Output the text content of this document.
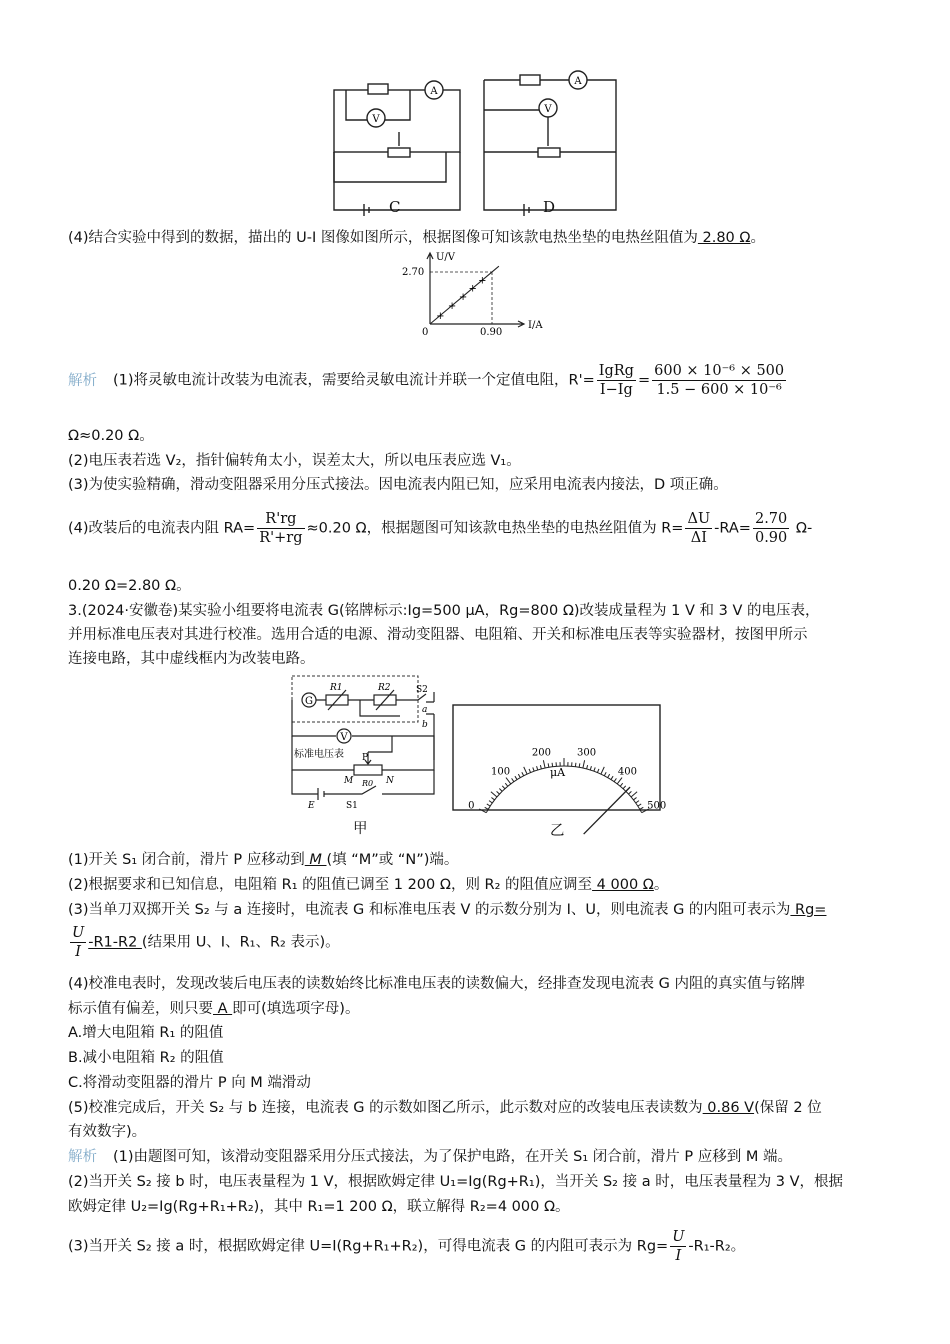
V
A
A
V
C	D
(4)结合实验中得到的数据，描出的 U-I 图像如图所示，根据图像可知该款电热坐垫的电热丝阻值为 2.80 Ω。
+
+
+
+
+
U/V
I/A
2.70
0.90
0
解析 (1)将灵敏电流计改装为电流表，需要给灵敏电流计并联一个定值电阻，$R'= \frac{\text{IgRg}}{I-Ig} = \frac{\text{600 × 10⁻⁶ × 500}}{\text{1.5 − 600 × 10⁻⁶}}$
Ω≈0.20 Ω。
(2)电压表若选 V₂，指针偏转角太小，误差太大，所以电压表应选 V₁。
(3)为使实验精确，滑动变阻器采用分压式接法。因电流表内阻已知，应采用电流表内接法，D 项正确。
(4)改装后的电流表内阻 $RA= \frac{R'rg}{R'+rg} \approx 0.20$ Ω，根据题图可知该款电热坐垫的电热丝阻值为 $R= \frac{\Delta U}{\Delta I} -RA= \frac{2.70}{0.90} \Omega-$
0.20 Ω=2.80 Ω。
3.(2024·安徽卷)某实验小组要将电流表 G(铭牌标示:Ig=500 μA，Rg=800 Ω)改装成量程为 1 V 和 3 V 的电压表，
并用标准电压表对其进行校准。选用合适的电源、滑动变阻器、电阻箱、开关和标准电压表等实验器材，按图甲所示
连接电路，其中虚线框内为改装电路。
G
V
R1	R2	S2
a
b
标准电压表 P
M	N
R0
E	S1
甲
0
100
200	300
400
500
μA
乙
(1)开关 S₁ 闭合前，滑片 P 应移动到 M (填 “M”或 “N”)端。
(2)根据要求和已知信息，电阻箱 R₁ 的阻值已调至 1 200 Ω，则 R₂ 的阻值应调至 4 000 Ω。
(3)当单刀双掷开关 S₂ 与 a 连接时，电流表 G 和标准电压表 V 的示数分别为 I、U，则电流表 G 的内阻可表示为 Rg=
$\frac{U}{I} -R1-R2$ (结果用 U、I、R₁、R₂ 表示)。
(4)校准电表时，发现改装后电压表的读数始终比标准电压表的读数偏大，经排查发现电流表 G 内阻的真实值与铭牌
标示值有偏差，则只要 A 即可(填选项字母)。
A.增大电阻箱 R₁ 的阻值
B.减小电阻箱 R₂ 的阻值
C.将滑动变阻器的滑片 P 向 M 端滑动
(5)校准完成后，开关 S₂ 与 b 连接，电流表 G 的示数如图乙所示，此示数对应的改装电压表读数为 0.86 V(保留 2 位
有效数字)。
解析 (1)由题图可知，该滑动变阻器采用分压式接法，为了保护电路，在开关 S₁ 闭合前，滑片 P 应移到 M 端。
(2)当开关 S₂ 接 b 时，电压表量程为 1 V，根据欧姆定律 U₁=Ig(Rg+R₁)，当开关 S₂ 接 a 时，电压表量程为 3 V，根据
欧姆定律 U₂=Ig(Rg+R₁+R₂)，其中 R₁=1 200 Ω，联立解得 R₂=4 000 Ω。
(3)当开关 S₂ 接 a 时，根据欧姆定律 U=I(Rg+R₁+R₂)，可得电流表 G 的内阻可表示为 $Rg= \frac{U}{I} -R_1-R_2$。
